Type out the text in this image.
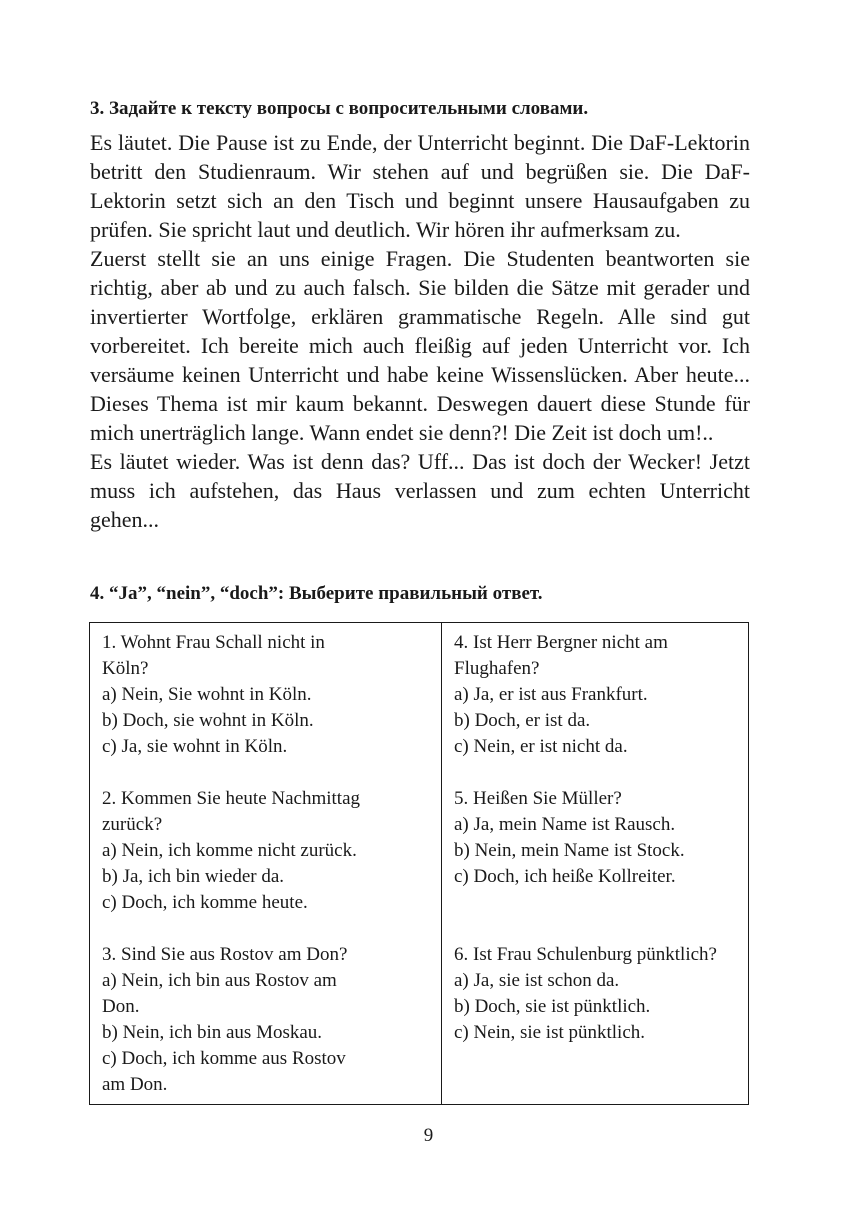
3. Задайте к тексту вопросы с вопросительными словами.

Es läutet. Die Pause ist zu Ende, der Unterricht beginnt. Die DaF-Lektorin betritt den Studienraum. Wir stehen auf und begrüßen sie. Die DaF-Lektorin setzt sich an den Tisch und beginnt unsere Hausaufgaben zu prüfen. Sie spricht laut und deutlich. Wir hören ihr aufmerksam zu.

Zuerst stellt sie an uns einige Fragen. Die Studenten beantworten sie richtig, aber ab und zu auch falsch. Sie bilden die Sätze mit gerader und invertierter Wortfolge, erklären grammatische Regeln. Alle sind gut vorbereitet. Ich bereite mich auch fleißig auf jeden Unterricht vor. Ich versäume keinen Unterricht und habe keine Wissenslücken. Aber heute... Dieses Thema ist mir kaum bekannt. Deswegen dauert diese Stunde für mich unerträglich lange. Wann endet sie denn?! Die Zeit ist doch um!..

Es läutet wieder. Was ist denn das? Uff... Das ist doch der Wecker! Jetzt muss ich aufstehen, das Haus verlassen und zum echten Unterricht gehen...

4. “Ja”, “nein”, “doch”: Выберите правильный ответ.
1. Wohnt Frau Schall nicht in
Köln?
a) Nein, Sie wohnt in Köln.
b) Doch, sie wohnt in Köln.
c) Ja, sie wohnt in Köln.
2. Kommen Sie heute Nachmittag
zurück?
a) Nein, ich komme nicht zurück.
b) Ja, ich bin wieder da.
c) Doch, ich komme heute.
3. Sind Sie aus Rostov am Don?
a) Nein, ich bin aus Rostov am
Don.
b) Nein, ich bin aus Moskau.
c) Doch, ich komme aus Rostov
am Don.

4. Ist Herr Bergner nicht am
Flughafen?
a) Ja, er ist aus Frankfurt.
b) Doch, er ist da.
c) Nein, er ist nicht da.
5. Heißen Sie Müller?
a) Ja, mein Name ist Rausch.
b) Nein, mein Name ist Stock.
c) Doch, ich heiße Kollreiter.
6. Ist Frau Schulenburg pünktlich?
a) Ja, sie ist schon da.
b) Doch, sie ist pünktlich.
c) Nein, sie ist pünktlich.
9
